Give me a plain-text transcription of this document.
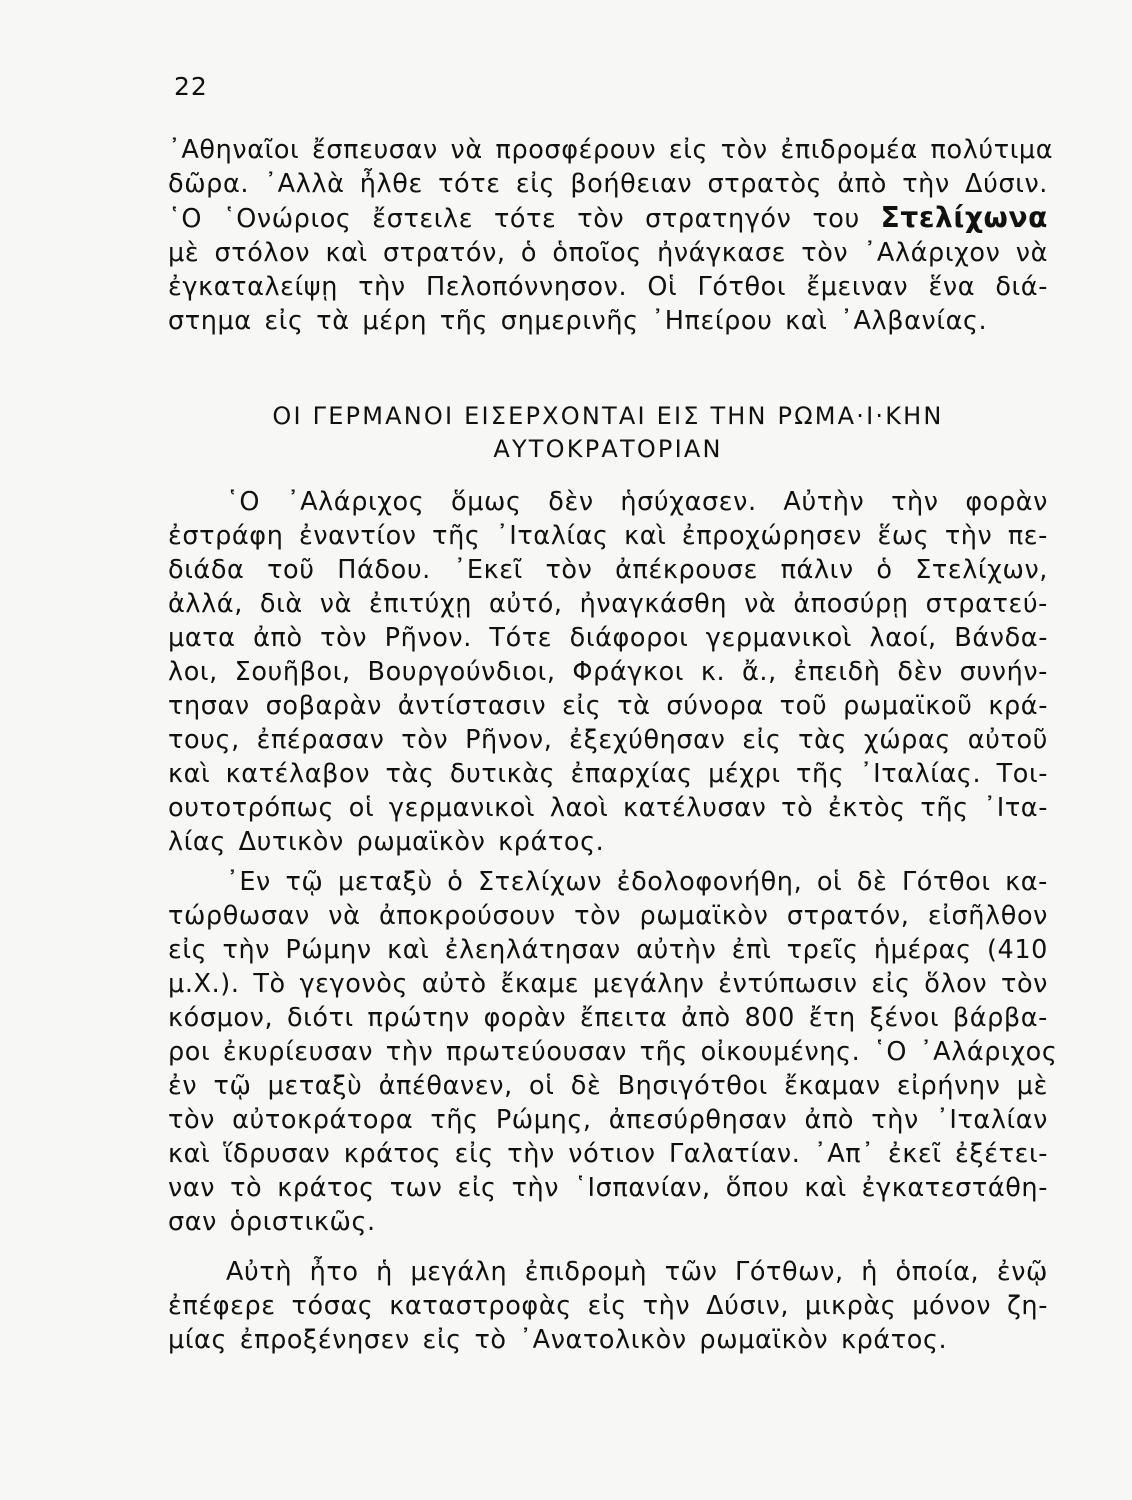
22
᾽Αθηναῖοι ἔσπευσαν νὰ προσφέρουν εἰς τὸν ἐπιδρομέα πολύτιμα
δῶρα. ᾽Αλλὰ ἦλθε τότε εἰς βοήθειαν στρατὸς ἀπὸ τὴν Δύσιν.
῾Ο ῾Ονώριος ἔστειλε τότε τὸν στρατηγόν του Στελίχωνα
μὲ στόλον καὶ στρατόν, ὁ ὁποῖος ἠνάγκασε τὸν ᾽Αλάριχον νὰ
ἐγκαταλείψῃ τὴν Πελοπόννησον. Οἱ Γότθοι ἔμειναν ἕνα διά-
στημα εἰς τὰ μέρη τῆς σημερινῆς ᾽Ηπείρου καὶ ᾽Αλβανίας.
ΟΙ ΓΕΡΜΑΝΟΙ ΕΙΣΕΡΧΟΝΤΑΙ ΕΙΣ ΤΗΝ ΡΩΜΑ·Ι·ΚΗΝ
ΑΥΤΟΚΡΑΤΟΡΙΑΝ
῾Ο ᾽Αλάριχος ὅμως δὲν ἡσύχασεν. Αὐτὴν τὴν φορὰν
ἐστράφη ἐναντίον τῆς ᾽Ιταλίας καὶ ἐπροχώρησεν ἕως τὴν πε-
διάδα τοῦ Πάδου. ᾽Εκεῖ τὸν ἀπέκρουσε πάλιν ὁ Στελίχων,
ἀλλά, διὰ νὰ ἐπιτύχῃ αὐτό, ἠναγκάσθη νὰ ἀποσύρῃ στρατεύ-
ματα ἀπὸ τὸν Ρῆνον. Τότε διάφοροι γερμανικοὶ λαοί, Βάνδα-
λοι, Σουῆβοι, Βουργούνδιοι, Φράγκοι κ. ἄ., ἐπειδὴ δὲν συνήν-
τησαν σοβαρὰν ἀντίστασιν εἰς τὰ σύνορα τοῦ ρωμαϊκοῦ κρά-
τους, ἐπέρασαν τὸν Ρῆνον, ἐξεχύθησαν εἰς τὰς χώρας αὐτοῦ
καὶ κατέλαβον τὰς δυτικὰς ἐπαρχίας μέχρι τῆς ᾽Ιταλίας. Τοι-
ουτοτρόπως οἱ γερμανικοὶ λαοὶ κατέλυσαν τὸ ἐκτὸς τῆς ᾽Ιτα-
λίας Δυτικὸν ρωμαϊκὸν κράτος.
᾽Εν τῷ μεταξὺ ὁ Στελίχων ἐδολοφονήθη, οἱ δὲ Γότθοι κα-
τώρθωσαν νὰ ἀποκρούσουν τὸν ρωμαϊκὸν στρατόν, εἰσῆλθον
εἰς τὴν Ρώμην καὶ ἐλεηλάτησαν αὐτὴν ἐπὶ τρεῖς ἡμέρας (410
μ.Χ.). Τὸ γεγονὸς αὐτὸ ἔκαμε μεγάλην ἐντύπωσιν εἰς ὅλον τὸν
κόσμον, διότι πρώτην φορὰν ἔπειτα ἀπὸ 800 ἔτη ξένοι βάρβα-
ροι ἐκυρίευσαν τὴν πρωτεύουσαν τῆς οἰκουμένης. ῾Ο ᾽Αλάριχος
ἐν τῷ μεταξὺ ἀπέθανεν, οἱ δὲ Βησιγότθοι ἔκαμαν εἰρήνην μὲ
τὸν αὐτοκράτορα τῆς Ρώμης, ἀπεσύρθησαν ἀπὸ τὴν ᾽Ιταλίαν
καὶ ἵδρυσαν κράτος εἰς τὴν νότιον Γαλατίαν. ᾽Απ᾽ ἐκεῖ ἐξέτει-
ναν τὸ κράτος των εἰς τὴν ῾Ισπανίαν, ὅπου καὶ ἐγκατεστάθη-
σαν ὁριστικῶς.
Αὐτὴ ἦτο ἡ μεγάλη ἐπιδρομὴ τῶν Γότθων, ἡ ὁποία, ἐνῷ
ἐπέφερε τόσας καταστροφὰς εἰς τὴν Δύσιν, μικρὰς μόνον ζη-
μίας ἐπροξένησεν εἰς τὸ ᾽Ανατολικὸν ρωμαϊκὸν κράτος.
